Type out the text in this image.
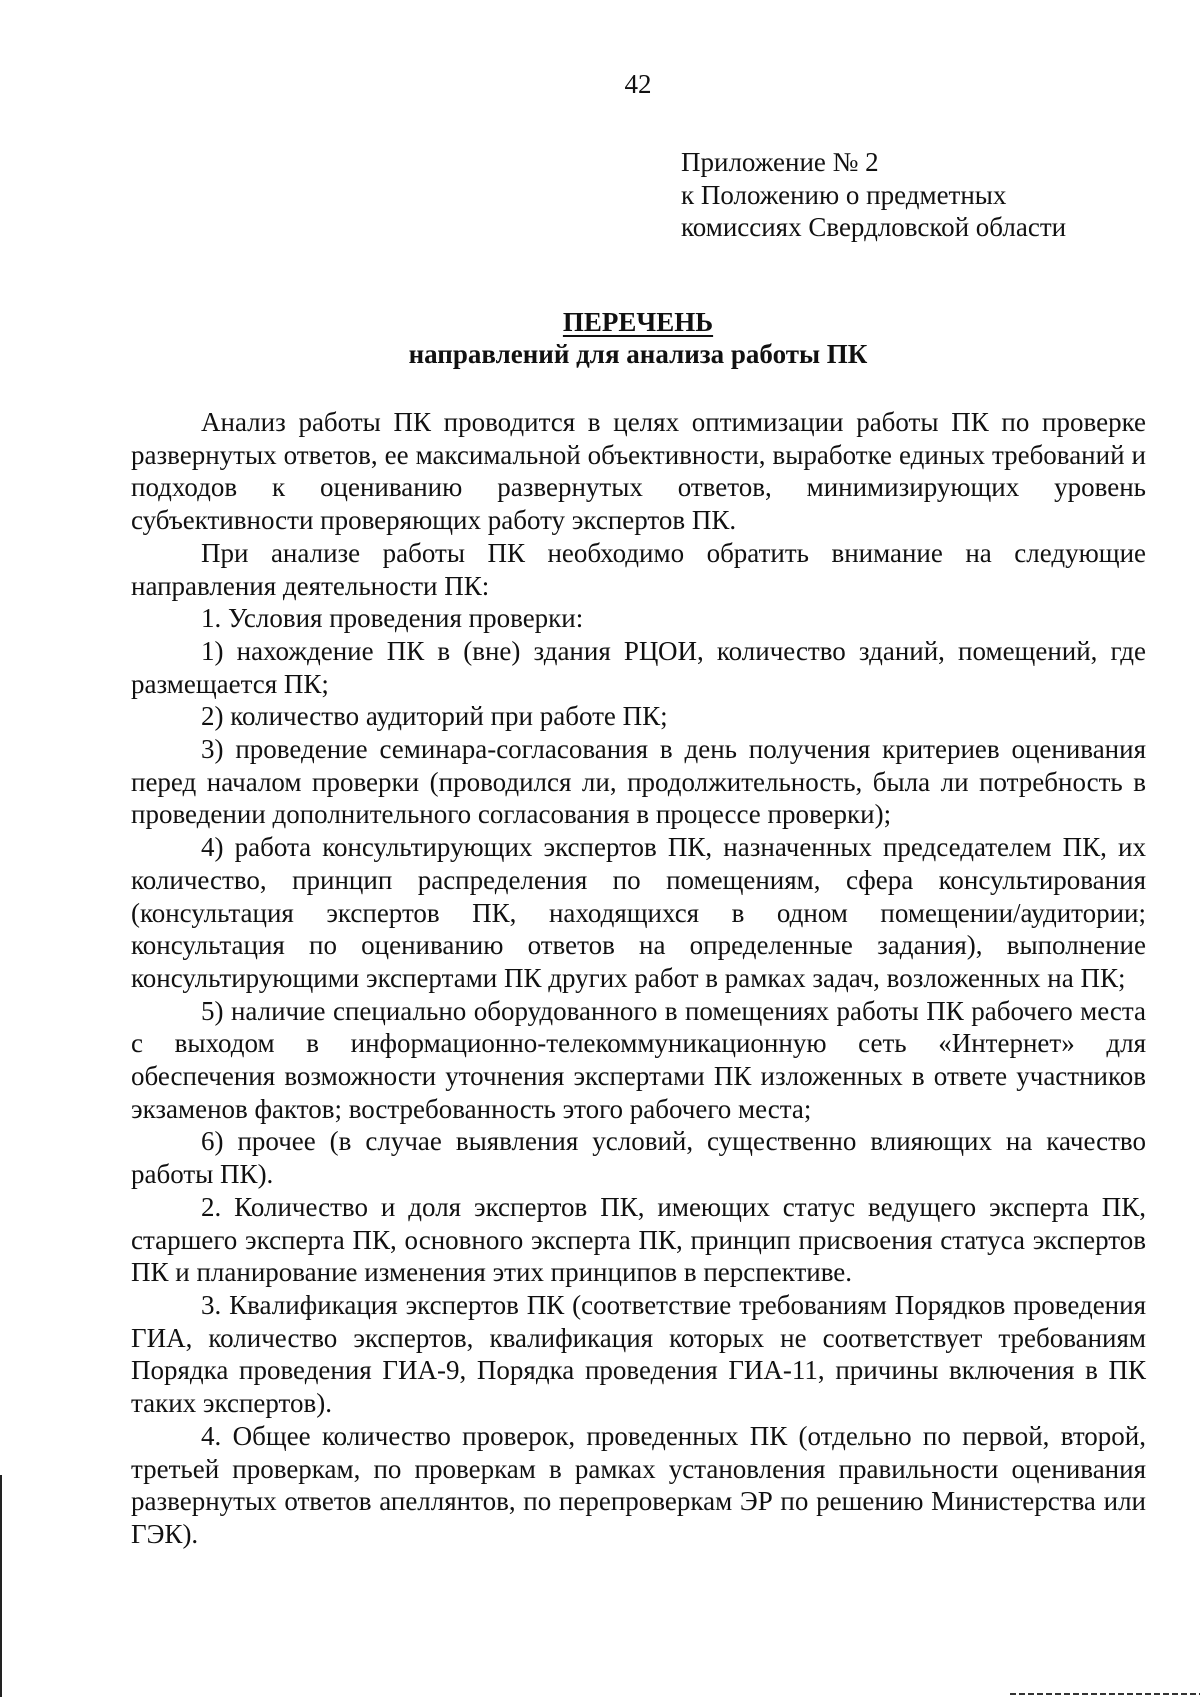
42
Приложение № 2
к Положению о предметных
комиссиях Свердловской области
ПЕРЕЧЕНЬ
направлений для анализа работы ПК

Анализ работы ПК проводится в целях оптимизации работы ПК по проверке развернутых ответов, ее максимальной объективности, выработке единых требований и подходов к оцениванию развернутых ответов, минимизирующих уровень субъективности проверяющих работу экспертов ПК.

При анализе работы ПК необходимо обратить внимание на следующие направления деятельности ПК:

1. Условия проведения проверки:

1) нахождение ПК в (вне) здания РЦОИ, количество зданий, помещений, где размещается ПК;

2) количество аудиторий при работе ПК;

3) проведение семинара-согласования в день получения критериев оценивания перед началом проверки (проводился ли, продолжительность, была ли потребность в проведении дополнительного согласования в процессе проверки);

4) работа консультирующих экспертов ПК, назначенных председателем ПК, их количество, принцип распределения по помещениям, сфера консультирования (консультация экспертов ПК, находящихся в одном помещении/аудитории; консультация по оцениванию ответов на определенные задания), выполнение консультирующими экспертами ПК других работ в рамках задач, возложенных на ПК;

5) наличие специально оборудованного в помещениях работы ПК рабочего места с выходом в информационно-телекоммуникационную сеть «Интернет» для обеспечения возможности уточнения экспертами ПК изложенных в ответе участников экзаменов фактов; востребованность этого рабочего места;

6) прочее (в случае выявления условий, существенно влияющих на качество работы ПК).

2. Количество и доля экспертов ПК, имеющих статус ведущего эксперта ПК, старшего эксперта ПК, основного эксперта ПК, принцип присвоения статуса экспертов ПК и планирование изменения этих принципов в перспективе.

3. Квалификация экспертов ПК (соответствие требованиям Порядков проведения ГИА, количество экспертов, квалификация которых не соответствует требованиям Порядка проведения ГИА-9, Порядка проведения ГИА-11, причины включения в ПК таких экспертов).

4. Общее количество проверок, проведенных ПК (отдельно по первой, второй, третьей проверкам, по проверкам в рамках установления правильности оценивания развернутых ответов апеллянтов, по перепроверкам ЭР по решению Министерства или ГЭК).
